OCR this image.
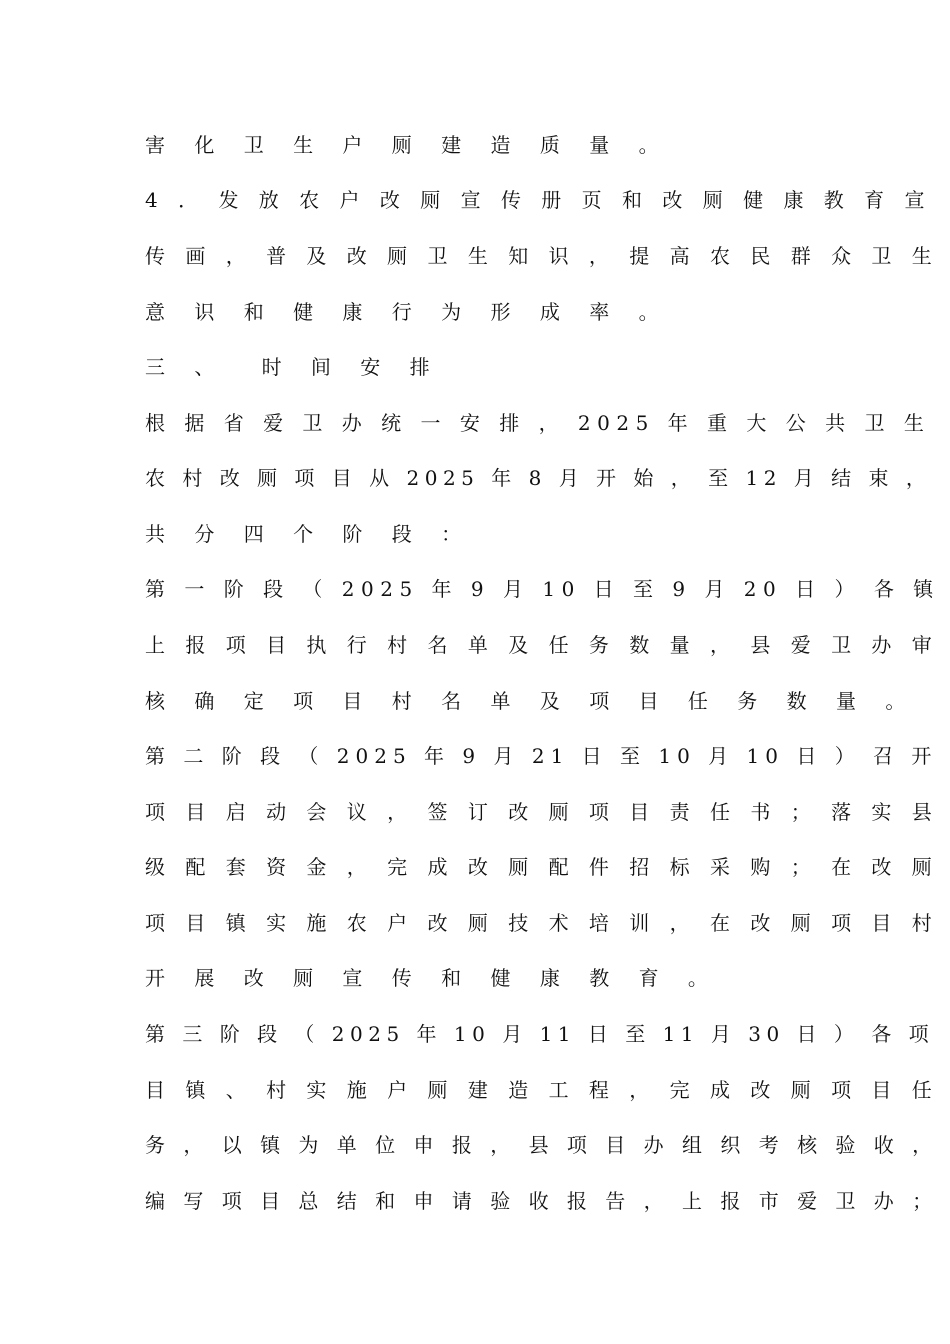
害 化 卫 生 户 厕 建 造 质 量 。
4 ． 发 放 农 户 改 厕 宣 传 册 页 和 改 厕 健 康 教 育 宣
传 画 ， 普 及 改 厕 卫 生 知 识 ， 提 高 农 民 群 众 卫 生
意 识 和 健 康 行 为 形 成 率 。
三 、  时 间 安 排
根 据 省 爱 卫 办 统 一 安 排 ， 2025 年 重 大 公 共 卫 生
农 村 改 厕 项 目 从 2025 年 8 月 开 始 ， 至 12 月 结 束 ，
共 分 四 个 阶 段 ：
第 一 阶 段 （ 2025 年 9 月 10 日 至 9 月 20 日 ） 各 镇
上 报 项 目 执 行 村 名 单 及 任 务 数 量 ， 县 爱 卫 办 审
核 确 定 项 目 村 名 单 及 项 目 任 务 数 量 。
第 二 阶 段 （ 2025 年 9 月 21 日 至 10 月 10 日 ） 召 开
项 目 启 动 会 议 ， 签 订 改 厕 项 目 责 任 书 ； 落 实 县
级 配 套 资 金 ， 完 成 改 厕 配 件 招 标 采 购 ； 在 改 厕
项 目 镇 实 施 农 户 改 厕 技 术 培 训 ， 在 改 厕 项 目 村
开 展 改 厕 宣 传 和 健 康 教 育 。
第 三 阶 段 （ 2025 年 10 月 11 日 至 11 月 30 日 ） 各 项
目 镇 、 村 实 施 户 厕 建 造 工 程 ， 完 成 改 厕 项 目 任
务 ， 以 镇 为 单 位 申 报 ， 县 项 目 办 组 织 考 核 验 收 ，
编 写 项 目 总 结 和 申 请 验 收 报 告 ， 上 报 市 爱 卫 办 ；
